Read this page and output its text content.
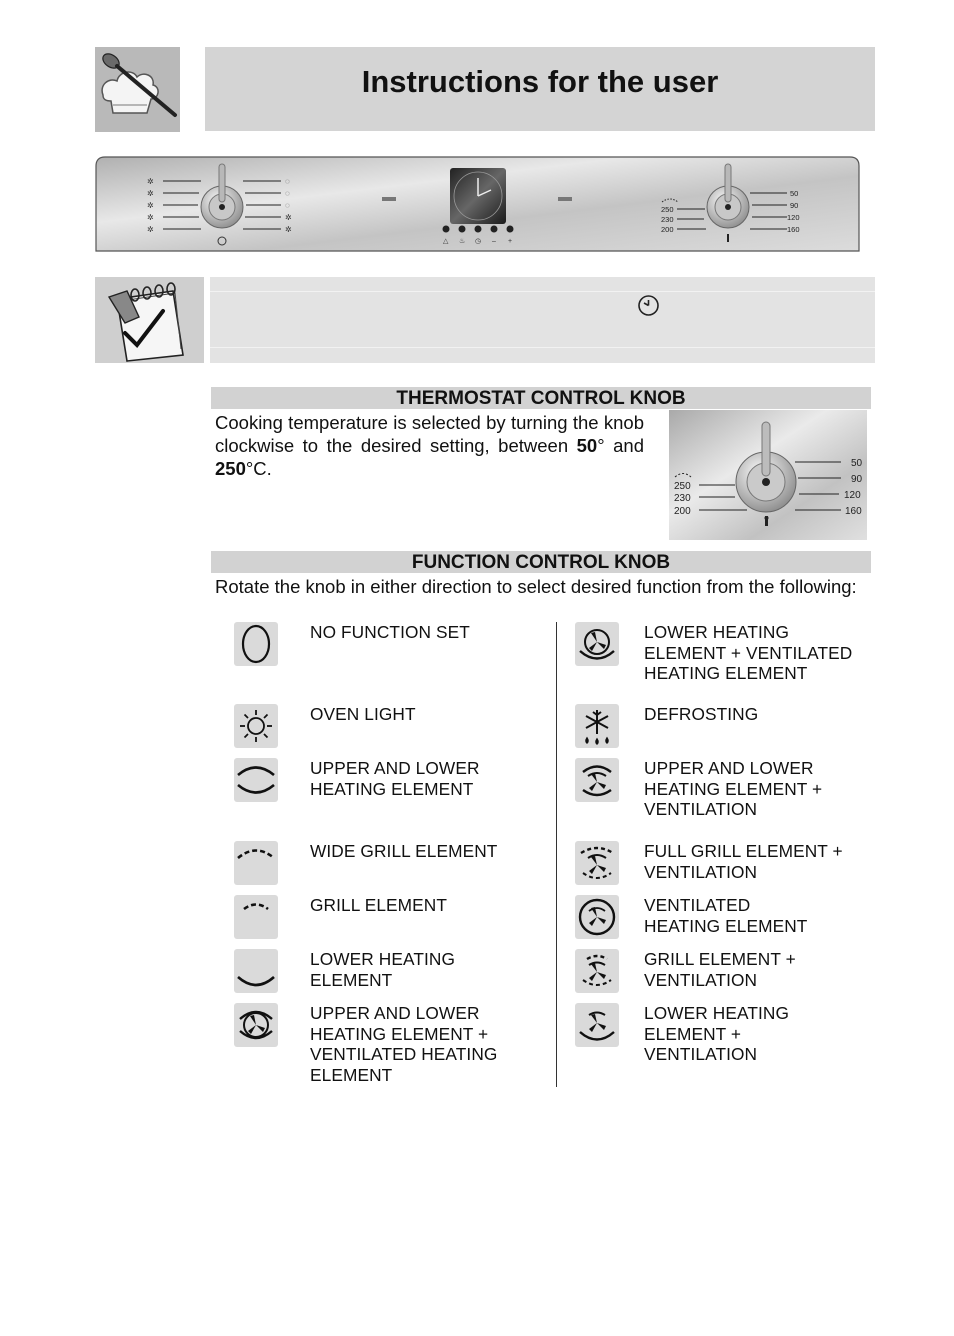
Instructions for the user
✲
✲
✲
✲
✲
◌
◌
◌
✲
✲
△ ♨ ◷ – +
50
90
120
160
250
230
200
THERMOSTAT CONTROL KNOB
Cooking temperature is selected by turning the knob clockwise to the desired setting, between 50° and 250°C.	50
90
120
160
250
230
200
FUNCTION CONTROL KNOB
Rotate the knob in either direction to select desired function from the following:
NO FUNCTION SET
OVEN LIGHT
UPPER AND LOWER
HEATING ELEMENT
WIDE GRILL ELEMENT
GRILL ELEMENT
LOWER HEATING
ELEMENT
UPPER AND LOWER
HEATING ELEMENT +
VENTILATED HEATING
ELEMENT
LOWER HEATING
ELEMENT + VENTILATED
HEATING ELEMENT
DEFROSTING
UPPER AND LOWER
HEATING ELEMENT +
VENTILATION
FULL GRILL ELEMENT +
VENTILATION
VENTILATED
HEATING ELEMENT
GRILL ELEMENT +
VENTILATION
LOWER HEATING
ELEMENT +
VENTILATION
